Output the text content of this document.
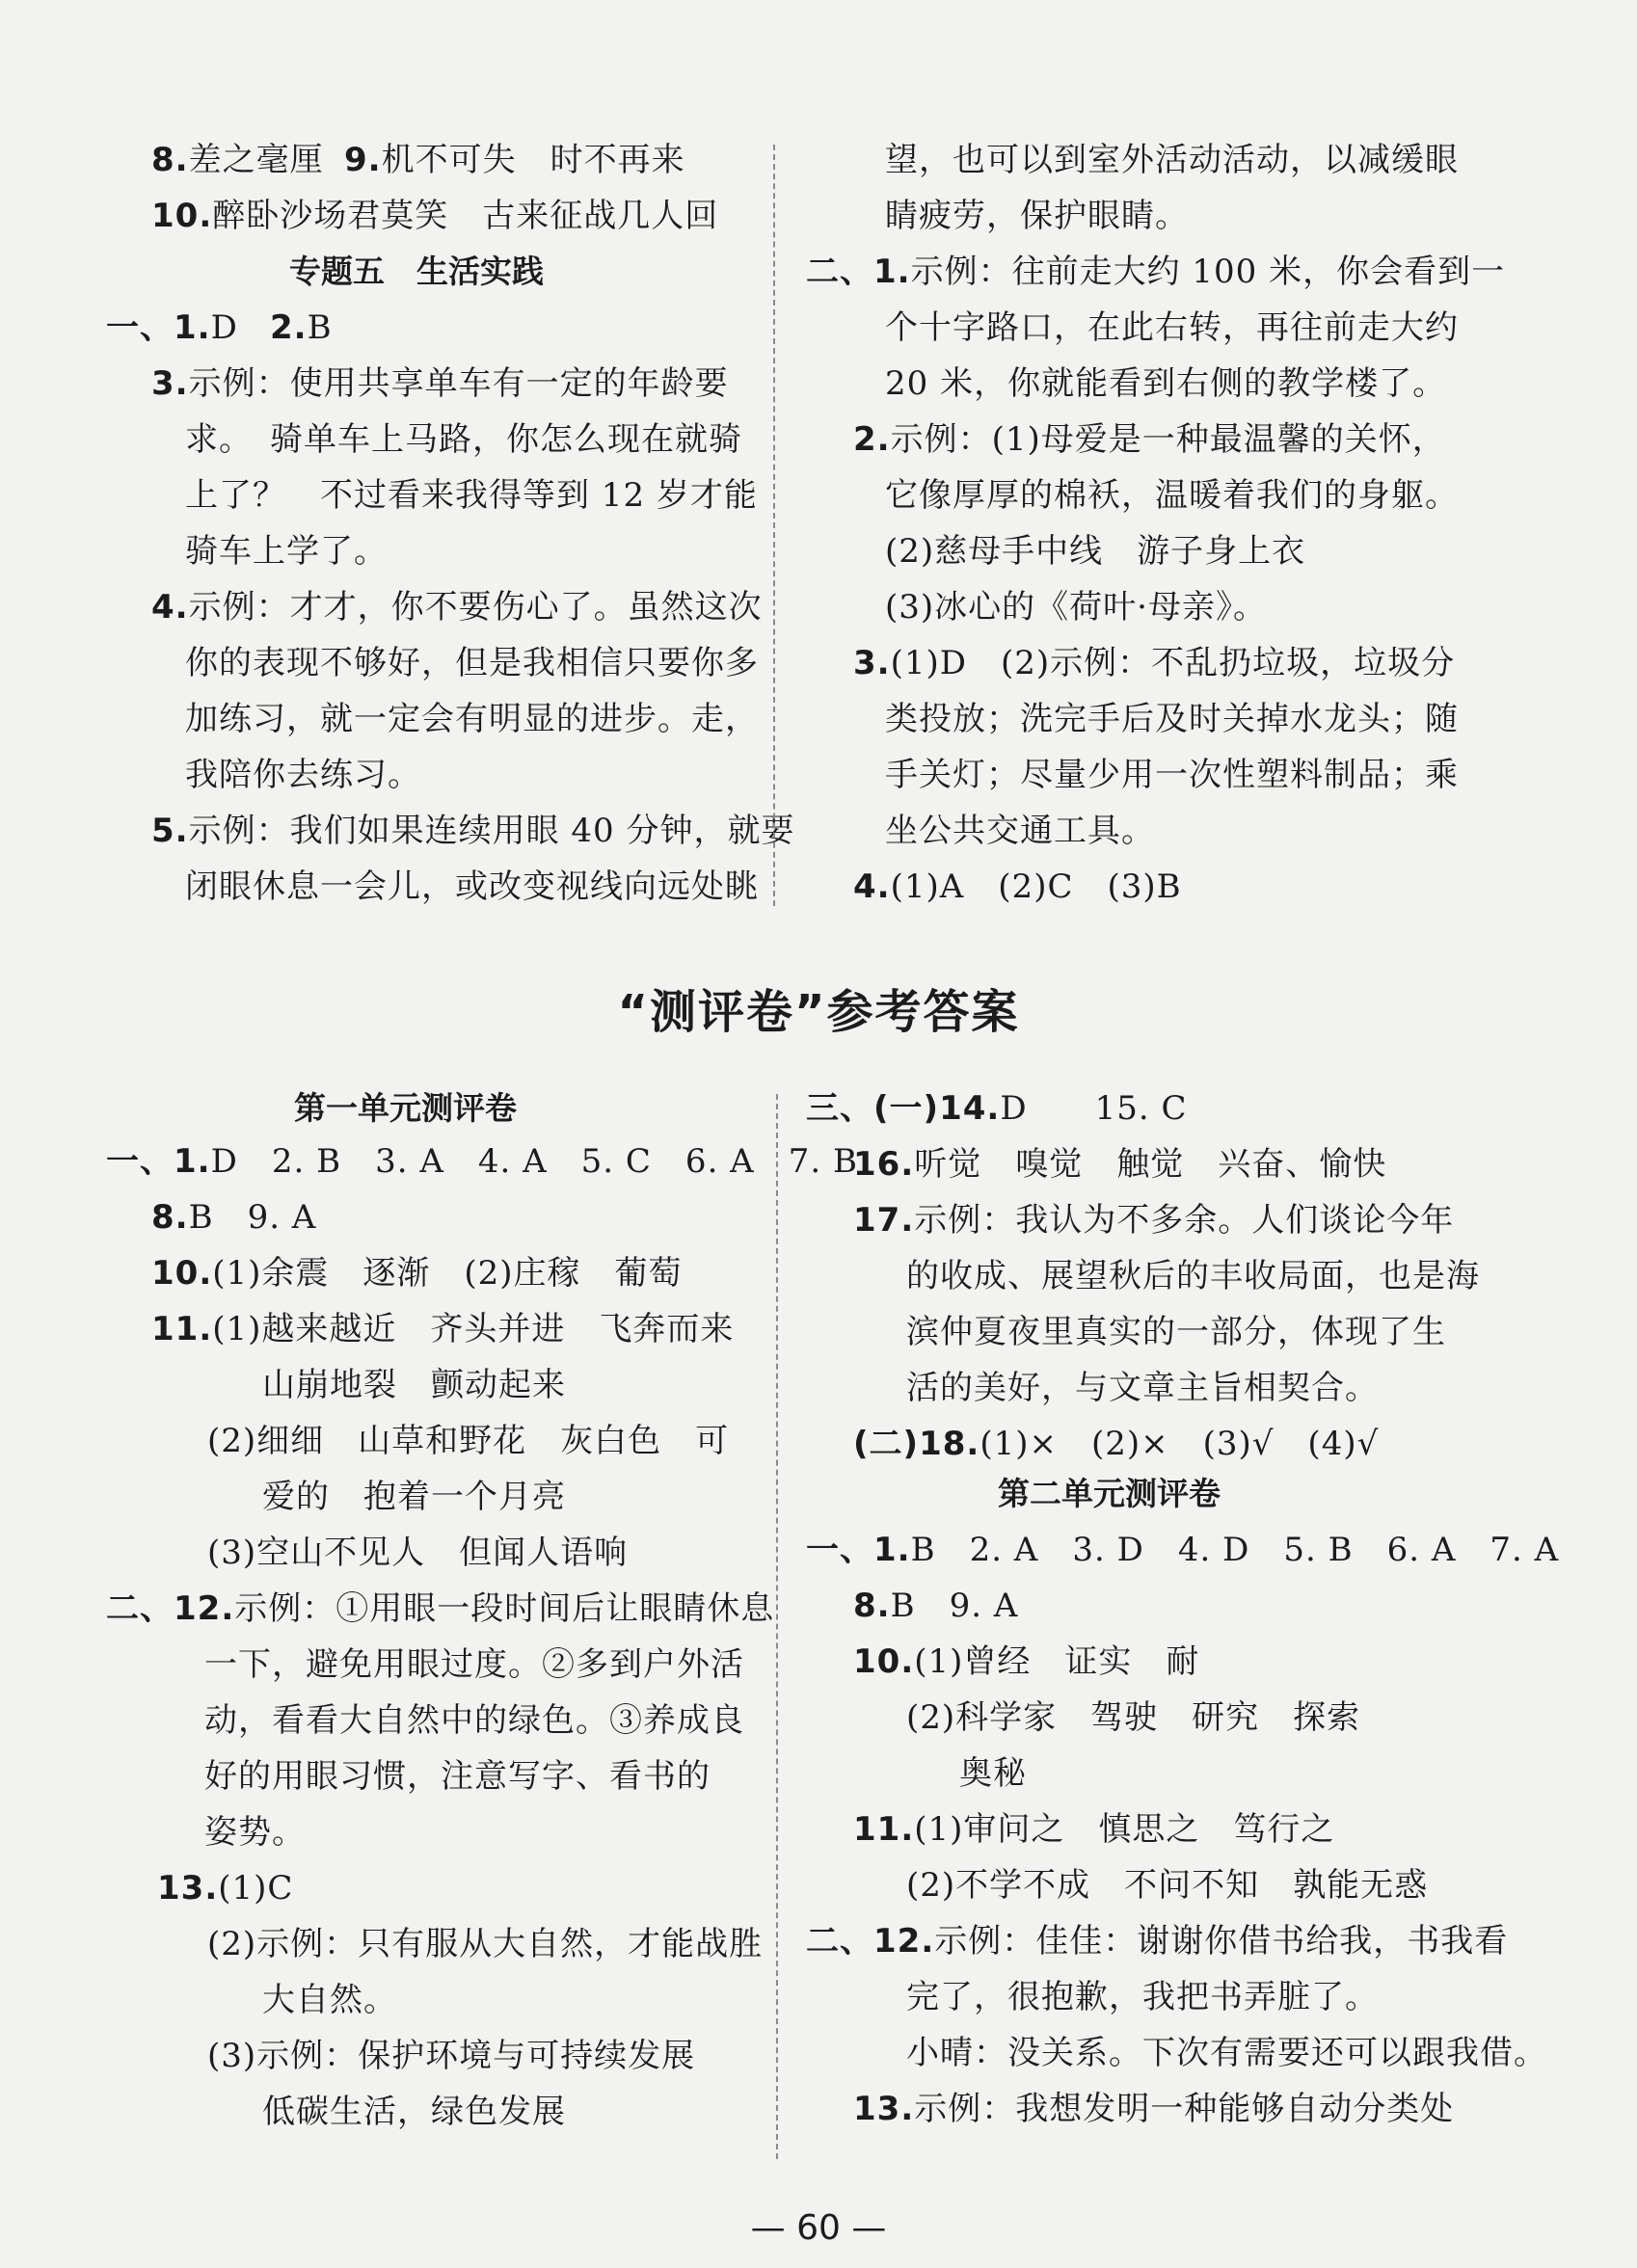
8.差之毫厘 9.机不可失　时不再来
10.醉卧沙场君莫笑　古来征战几人回
专题五　生活实践
一、1.D 2.B
3.示例：使用共享单车有一定的年龄要
求。　骑单车上马路，你怎么现在就骑
上了？　不过看来我得等到 12 岁才能
骑车上学了。
4.示例：才才，你不要伤心了。虽然这次
你的表现不够好，但是我相信只要你多
加练习，就一定会有明显的进步。走，
我陪你去练习。
5.示例：我们如果连续用眼 40 分钟，就要
闭眼休息一会儿，或改变视线向远处眺
望，也可以到室外活动活动，以减缓眼
睛疲劳，保护眼睛。
二、1.示例：往前走大约 100 米，你会看到一
个十字路口，在此右转，再往前走大约
20 米，你就能看到右侧的教学楼了。
2.示例：(1)母爱是一种最温馨的关怀，
它像厚厚的棉袄，温暖着我们的身躯。
(2)慈母手中线　游子身上衣
(3)冰心的《荷叶·母亲》。
3.(1)D　(2)示例：不乱扔垃圾，垃圾分
类投放；洗完手后及时关掉水龙头；随
手关灯；尽量少用一次性塑料制品；乘
坐公共交通工具。
4.(1)A　(2)C　(3)B
“测评卷”参考答案
第一单元测评卷
一、1.D　2. B　3. A　4. A　5. C　6. A　7. B
8.B　9. A
10.(1)余震　逐渐　(2)庄稼　葡萄
11.(1)越来越近　齐头并进　飞奔而来
山崩地裂　颤动起来
(2)细细　山草和野花　灰白色　可
爱的　抱着一个月亮
(3)空山不见人　但闻人语响
二、12.示例：①用眼一段时间后让眼睛休息
一下，避免用眼过度。②多到户外活
动，看看大自然中的绿色。③养成良
好的用眼习惯，注意写字、看书的
姿势。
13.(1)C
(2)示例：只有服从大自然，才能战胜
大自然。
(3)示例：保护环境与可持续发展
低碳生活，绿色发展
三、(一)14.D　　15. C
16.听觉　嗅觉　触觉　兴奋、愉快
17.示例：我认为不多余。人们谈论今年
的收成、展望秋后的丰收局面，也是海
滨仲夏夜里真实的一部分，体现了生
活的美好，与文章主旨相契合。
(二)18.(1)×　(2)×　(3)√　(4)√
第二单元测评卷
一、1.B　2. A　3. D　4. D　5. B　6. A　7. A
8.B　9. A
10.(1)曾经　证实　耐
(2)科学家　驾驶　研究　探索
奥秘
11.(1)审问之　慎思之　笃行之
(2)不学不成　不问不知　孰能无惑
二、12.示例：佳佳：谢谢你借书给我，书我看
完了，很抱歉，我把书弄脏了。
小晴：没关系。下次有需要还可以跟我借。
13.示例：我想发明一种能够自动分类处
— 60 —
